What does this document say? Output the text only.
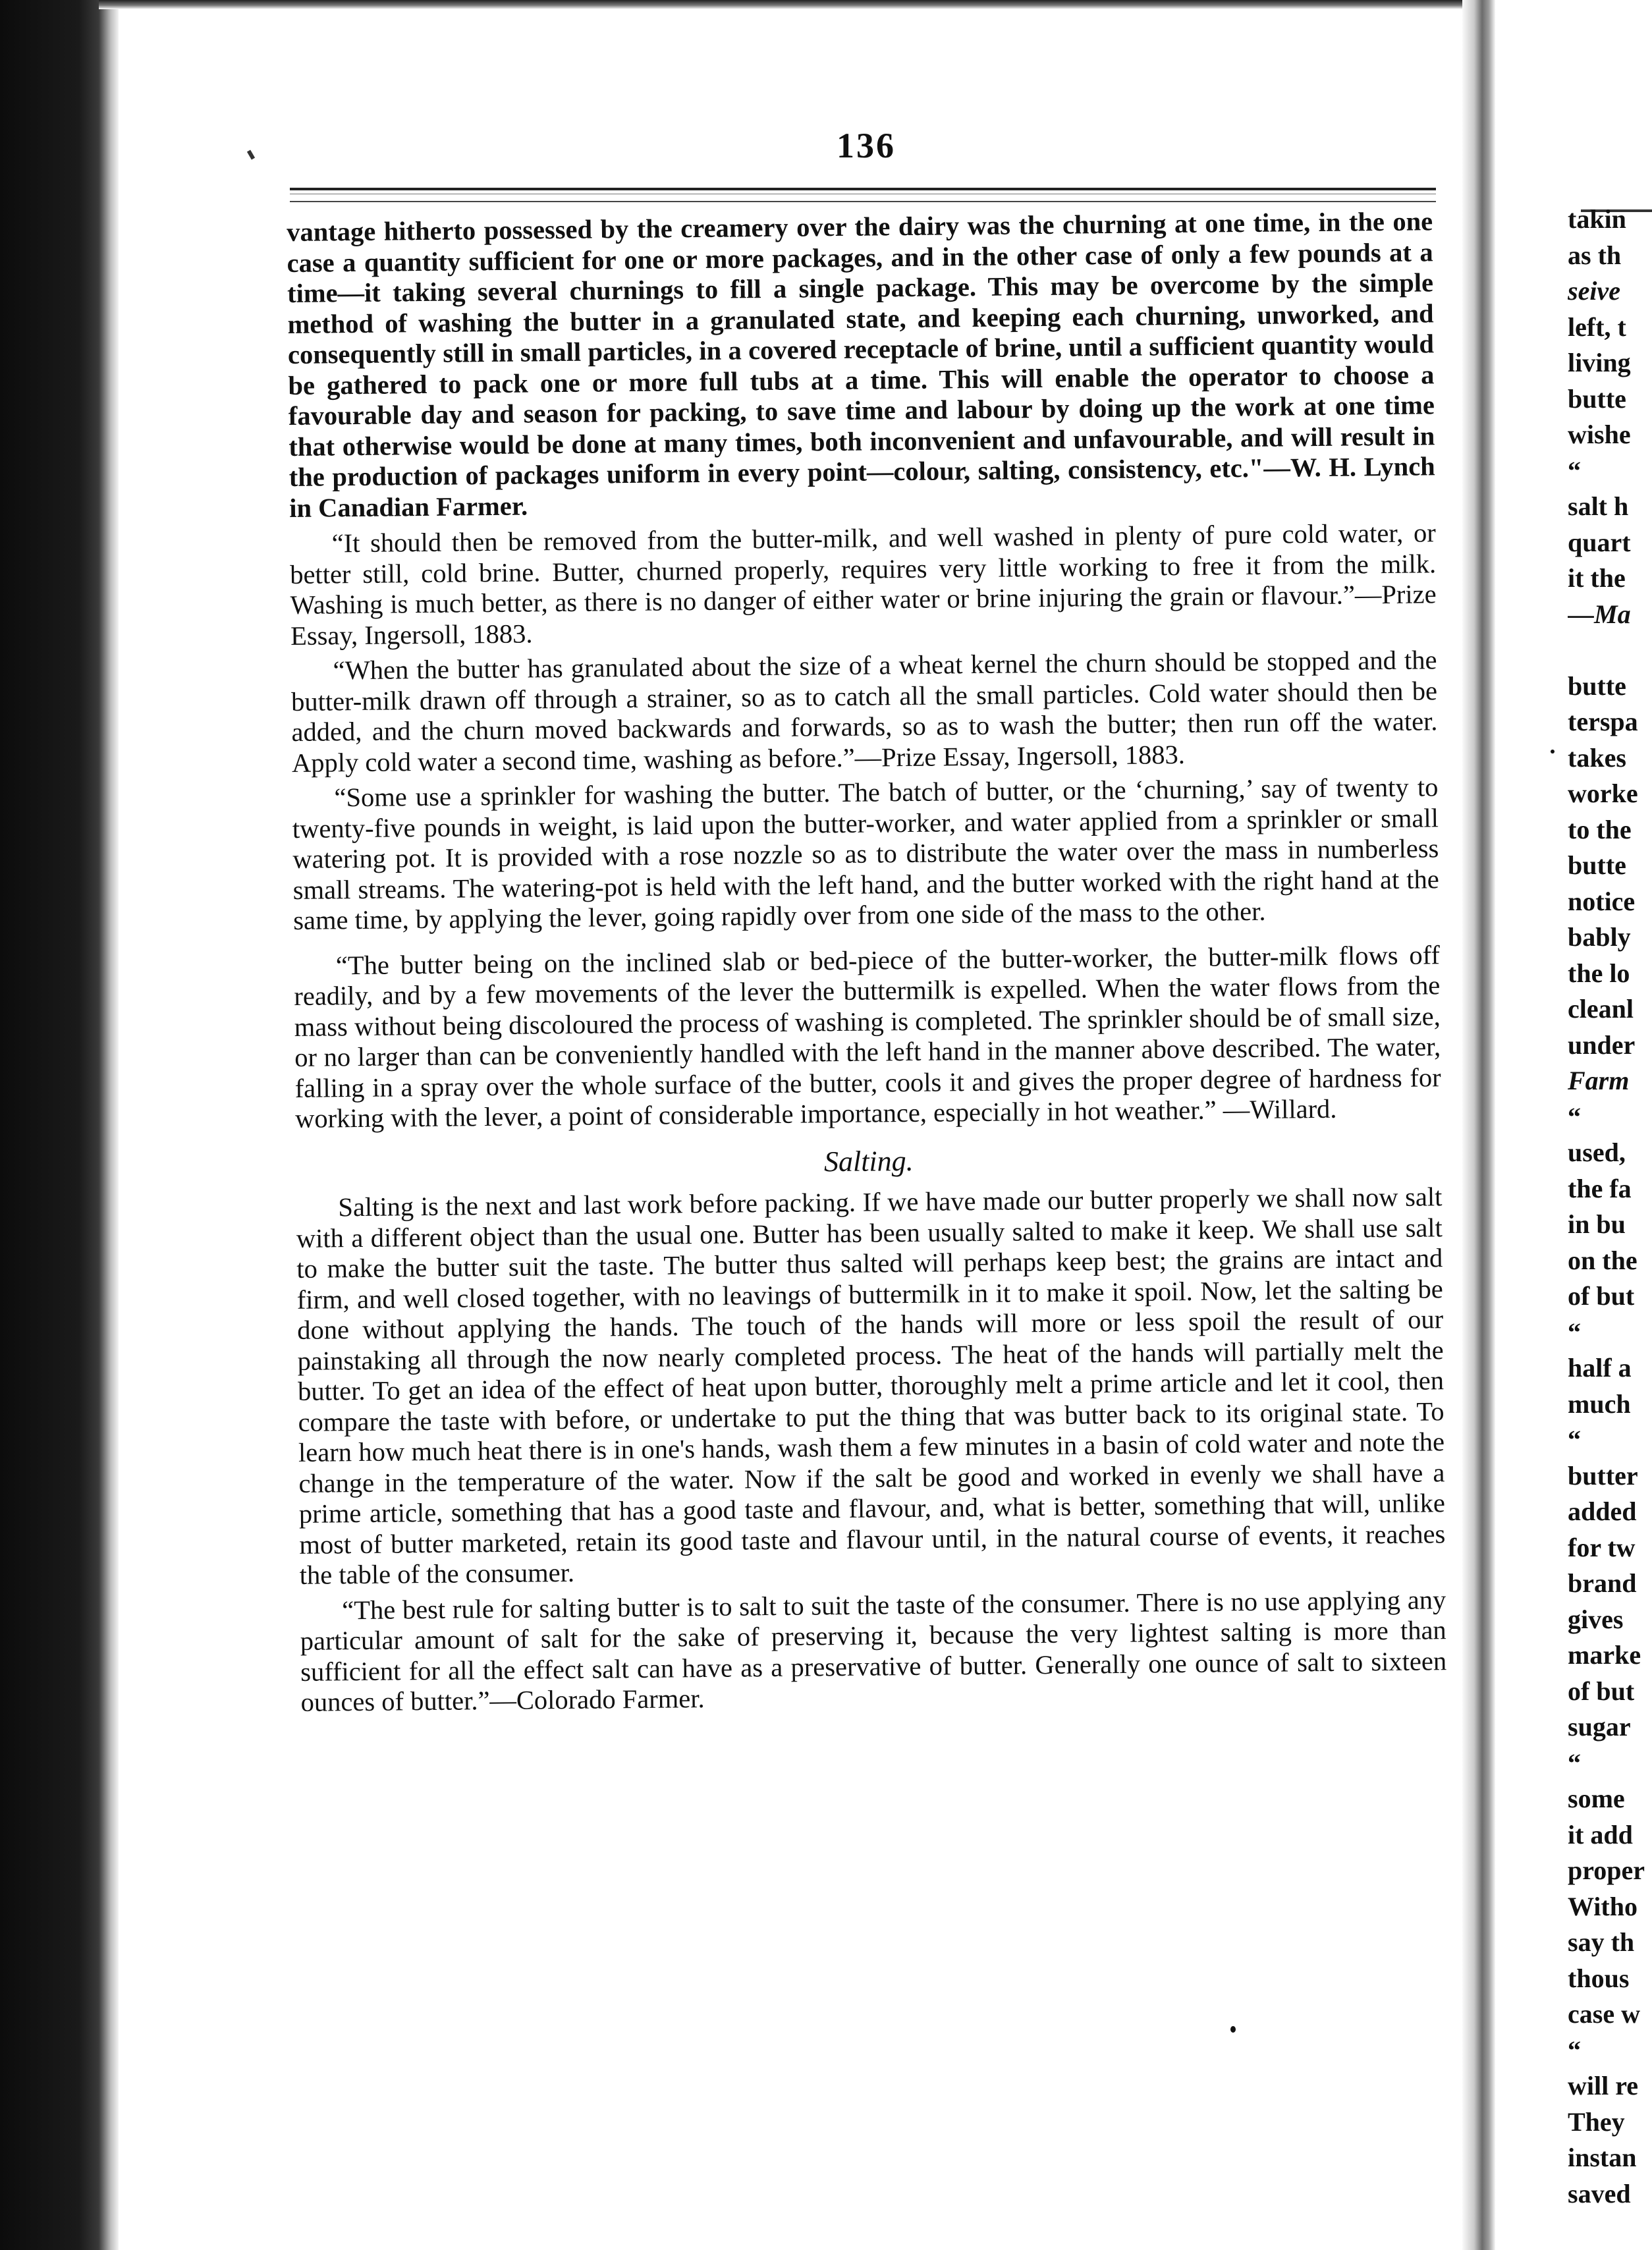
136

vantage hitherto possessed by the creamery over the dairy was the churning at one time, in the one case a quantity sufficient for one or more packages, and in the other case of only a few pounds at a time—it taking several churnings to fill a single package. This may be overcome by the simple method of washing the butter in a granulated state, and keeping each churning, unworked, and consequently still in small particles, in a covered receptacle of brine, until a sufficient quantity would be gathered to pack one or more full tubs at a time. This will enable the operator to choose a favourable day and season for packing, to save time and labour by doing up the work at one time that otherwise would be done at many times, both inconvenient and unfavourable, and will result in the production of packages uniform in every point—colour, salting, consistency, etc."—W. H. Lynch in Canadian Farmer.

“It should then be removed from the butter-milk, and well washed in plenty of pure cold water, or better still, cold brine. Butter, churned properly, requires very little working to free it from the milk. Washing is much better, as there is no danger of either water or brine injuring the grain or flavour.”—Prize Essay, Ingersoll, 1883.

“When the butter has granulated about the size of a wheat kernel the churn should be stopped and the butter-milk drawn off through a strainer, so as to catch all the small particles. Cold water should then be added, and the churn moved backwards and forwards, so as to wash the butter; then run off the water. Apply cold water a second time, washing as before.”—Prize Essay, Ingersoll, 1883.

“Some use a sprinkler for washing the butter. The batch of butter, or the ‘churning,’ say of twenty to twenty-five pounds in weight, is laid upon the butter-worker, and water applied from a sprinkler or small watering pot. It is provided with a rose nozzle so as to distribute the water over the mass in numberless small streams. The watering-pot is held with the left hand, and the butter worked with the right hand at the same time, by applying the lever, going rapidly over from one side of the mass to the other.

“The butter being on the inclined slab or bed-piece of the butter-worker, the butter-milk flows off readily, and by a few movements of the lever the buttermilk is expelled. When the water flows from the mass without being discoloured the process of washing is completed. The sprinkler should be of small size, or no larger than can be conveniently handled with the left hand in the manner above described. The water, falling in a spray over the whole surface of the butter, cools it and gives the proper degree of hardness for working with the lever, a point of considerable importance, especially in hot weather.” —Willard.

Salting.

Salting is the next and last work before packing. If we have made our butter properly we shall now salt with a different object than the usual one. Butter has been usually salted to make it keep. We shall use salt to make the butter suit the taste. The butter thus salted will perhaps keep best; the grains are intact and firm, and well closed together, with no leavings of buttermilk in it to make it spoil. Now, let the salting be done without applying the hands. The touch of the hands will more or less spoil the result of our painstaking all through the now nearly completed process. The heat of the hands will partially melt the butter. To get an idea of the effect of heat upon butter, thoroughly melt a prime article and let it cool, then compare the taste with before, or undertake to put the thing that was butter back to its original state. To learn how much heat there is in one's hands, wash them a few minutes in a basin of cold water and note the change in the temperature of the water. Now if the salt be good and worked in evenly we shall have a prime article, something that has a good taste and flavour, and, what is better, something that will, unlike most of butter marketed, retain its good taste and flavour until, in the natural course of events, it reaches the table of the consumer.

“The best rule for salting butter is to salt to suit the taste of the consumer. There is no use applying any particular amount of salt for the sake of preserving it, because the very lightest salting is more than sufficient for all the effect salt can have as a preservative of butter. Generally one ounce of salt to sixteen ounces of butter.”—Colorado Farmer.

takin
as th
seive
left, t
living
butte
wishe
“
salt h
quart
it the
—Ma
butte
terspa
takes
worke
to the
butte
notice
bably
the lo
cleanl
under
Farm
“
used,
the fa
in bu
on the
of but
“
half a
much
“
butter
added
for tw
brand
gives
marke
of but
sugar
“
some
it add
proper
Witho
say th
thous
case w
“
will re
They
instan
saved
